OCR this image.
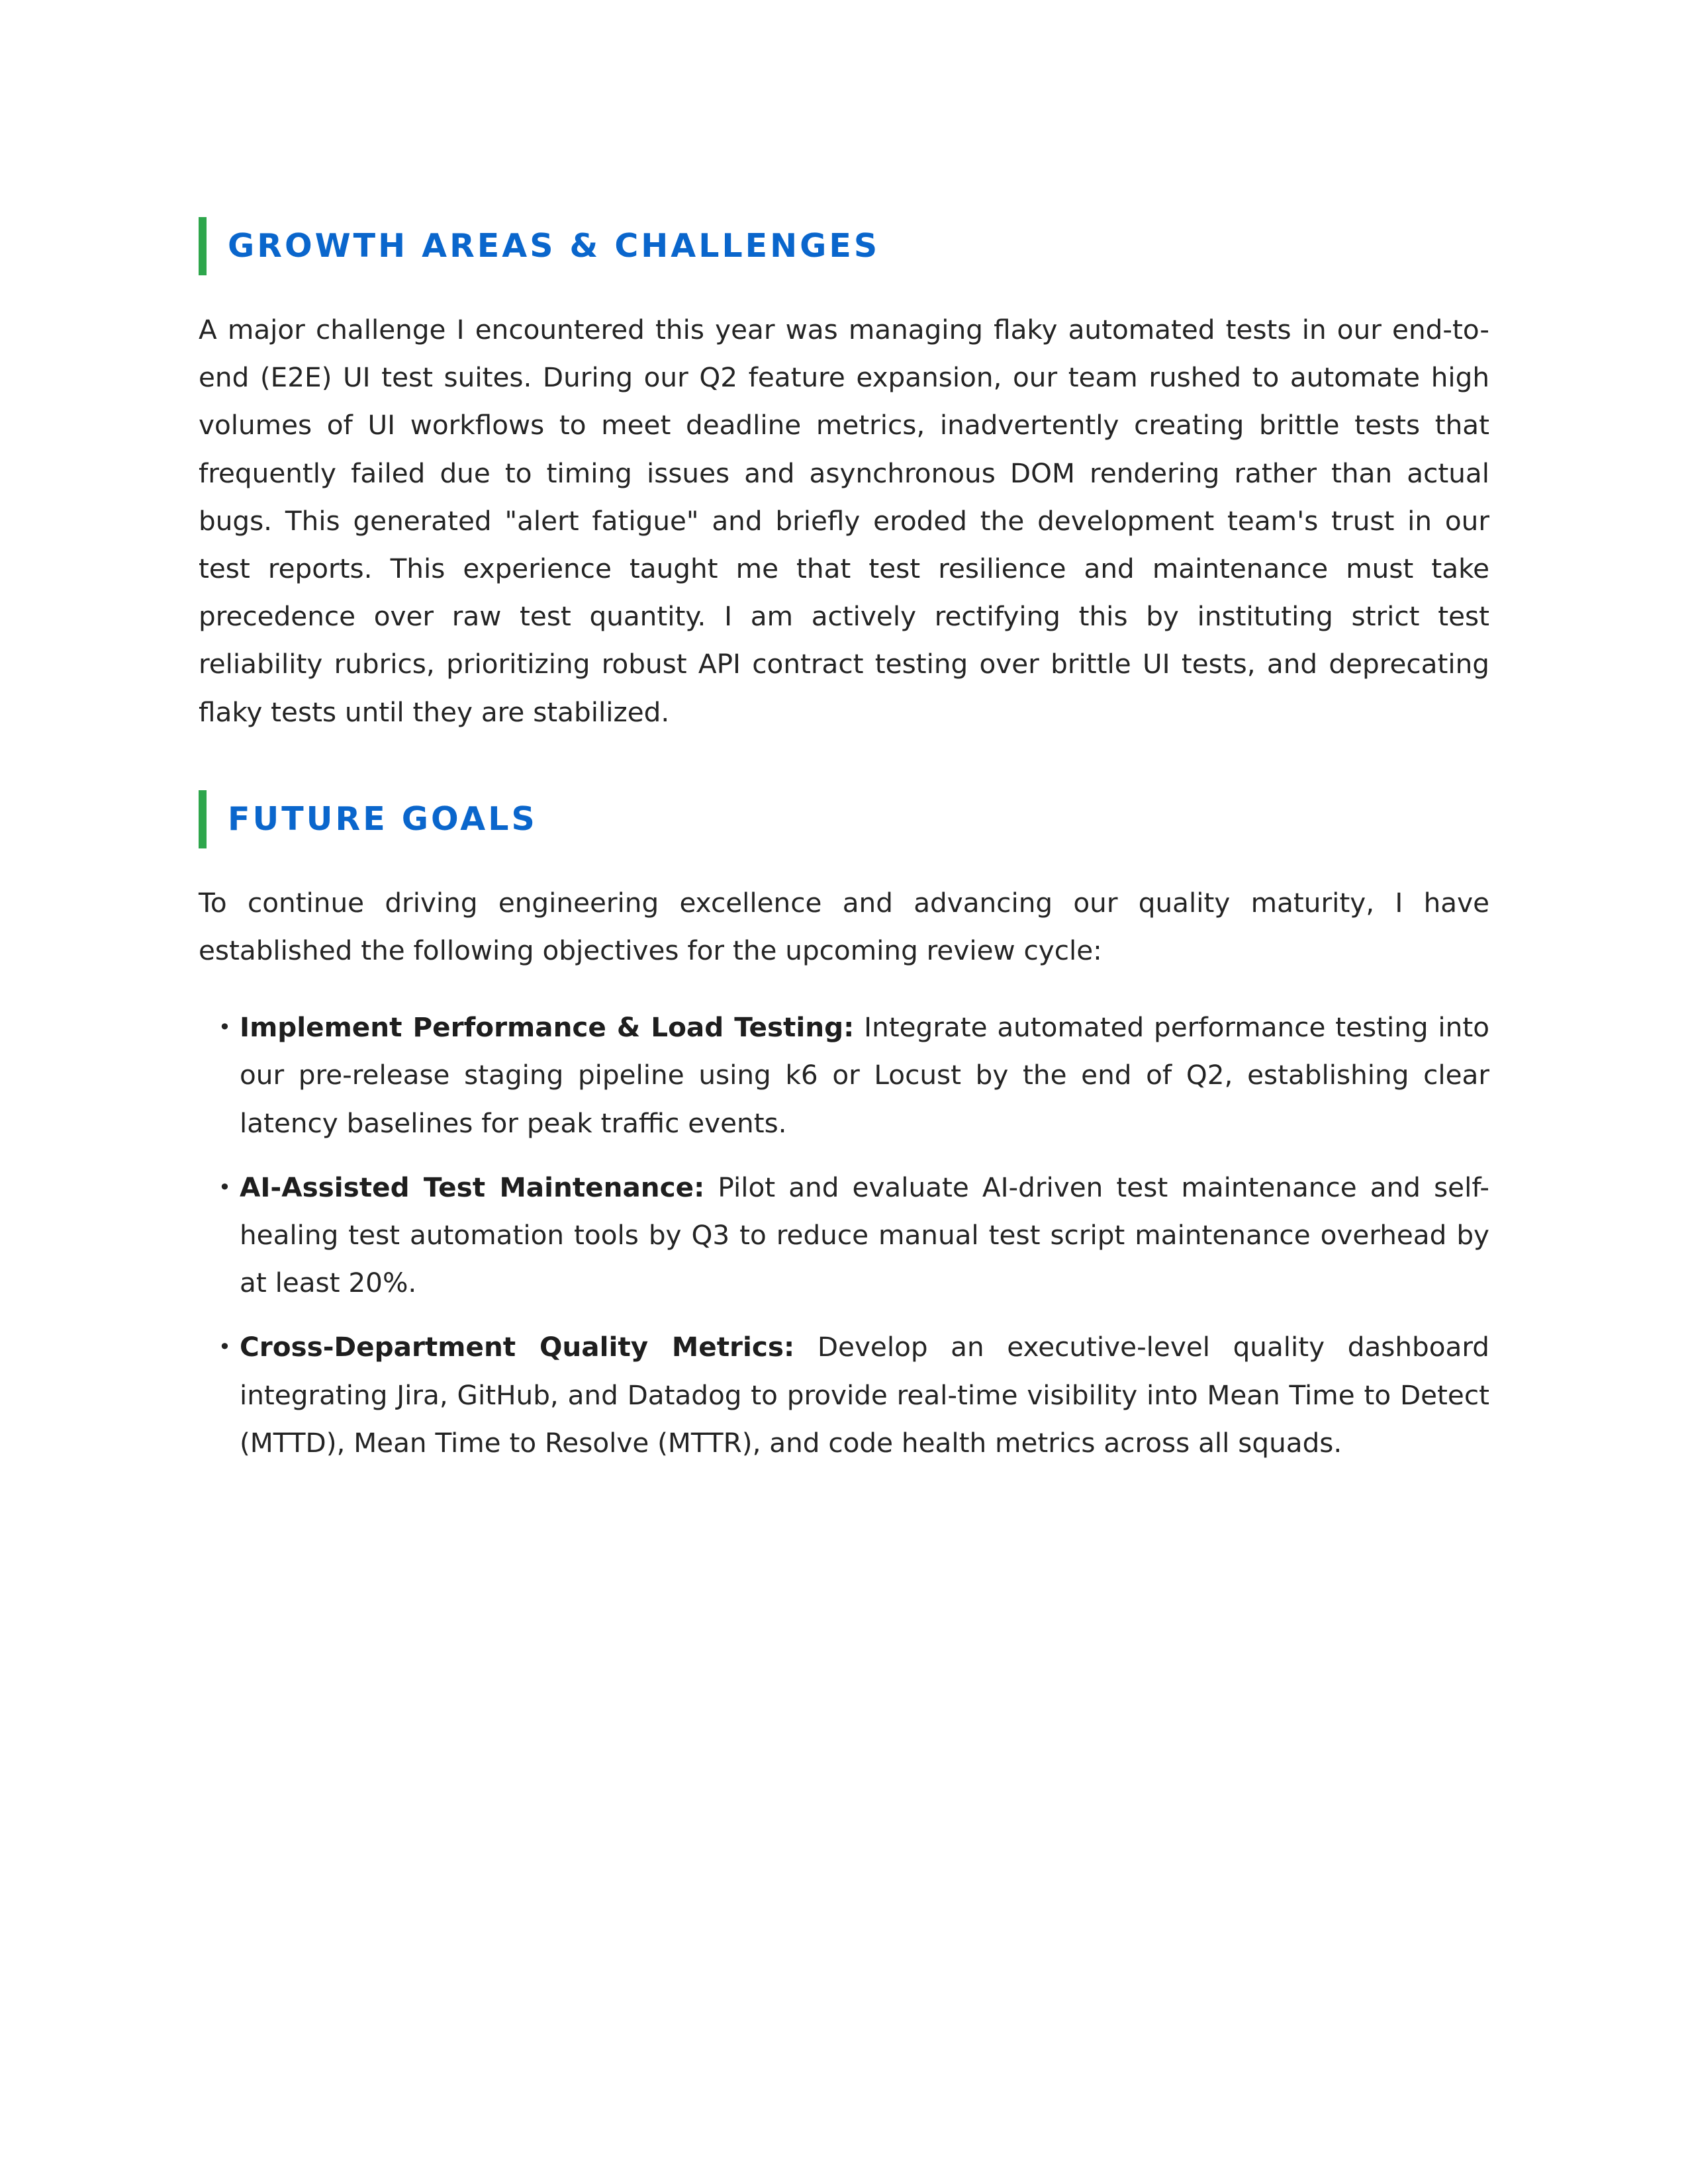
GROWTH AREAS & CHALLENGES

A major challenge I encountered this year was managing flaky automated tests in our end-to-end (E2E) UI test suites. During our Q2 feature expansion, our team rushed to automate high volumes of UI workflows to meet deadline metrics, inadvertently creating brittle tests that frequently failed due to timing issues and asynchronous DOM rendering rather than actual bugs. This generated "alert fatigue" and briefly eroded the development team's trust in our test reports. This experience taught me that test resilience and maintenance must take precedence over raw test quantity. I am actively rectifying this by instituting strict test reliability rubrics, prioritizing robust API contract testing over brittle UI tests, and deprecating flaky tests until they are stabilized.

FUTURE GOALS

To continue driving engineering excellence and advancing our quality maturity, I have established the following objectives for the upcoming review cycle:

• Implement Performance & Load Testing: Integrate automated performance testing into our pre-release staging pipeline using k6 or Locust by the end of Q2, establishing clear latency baselines for peak traffic events.
• AI-Assisted Test Maintenance: Pilot and evaluate AI-driven test maintenance and self-healing test automation tools by Q3 to reduce manual test script maintenance overhead by at least 20%.
• Cross-Department Quality Metrics: Develop an executive-level quality dashboard integrating Jira, GitHub, and Datadog to provide real-time visibility into Mean Time to Detect (MTTD), Mean Time to Resolve (MTTR), and code health metrics across all squads.
